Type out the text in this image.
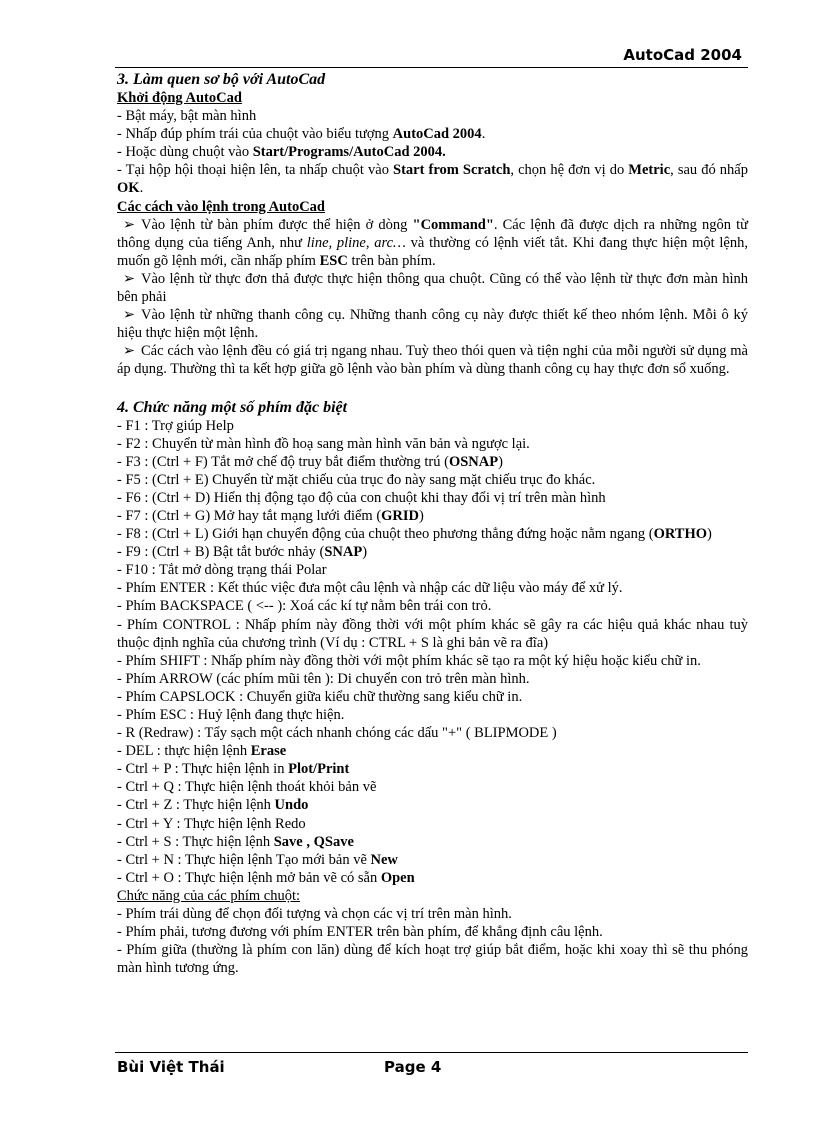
AutoCad 2004

3. Làm quen sơ bộ với AutoCad

Khởi động AutoCad

- Bật máy, bật màn hình

- Nhấp đúp phím trái của chuột vào biểu tượng AutoCad 2004.

- Hoặc dùng chuột vào Start/Programs/AutoCad 2004.

- Tại hộp hội thoại hiện lên, ta nhấp chuột vào Start from Scratch, chọn hệ đơn vị do Metric, sau đó nhấp OK.

Các cách vào lệnh trong AutoCad

➢ Vào lệnh từ bàn phím được thể hiện ở dòng "Command". Các lệnh đã được dịch ra những ngôn từ thông dụng của tiếng Anh, như line, pline, arc… và thường có lệnh viết tắt. Khi đang thực hiện một lệnh, muốn gõ lệnh mới, cần nhấp phím ESC trên bàn phím.

➢ Vào lệnh từ thực đơn thả được thực hiện thông qua chuột. Cũng có thể vào lệnh từ thực đơn màn hình bên phải

➢ Vào lệnh từ những thanh công cụ. Những thanh công cụ này được thiết kế theo nhóm lệnh. Mỗi ô ký hiệu thực hiện một lệnh.

➢ Các cách vào lệnh đều có giá trị ngang nhau. Tuỳ theo thói quen và tiện nghi của mỗi người sử dụng mà áp dụng. Thường thì ta kết hợp giữa gõ lệnh vào bàn phím và dùng thanh công cụ hay thực đơn sổ xuống.

4. Chức năng một số phím đặc biệt

- F1 : Trợ giúp Help

- F2 : Chuyển từ màn hình đồ hoạ sang màn hình văn bản và ngược lại.

- F3 : (Ctrl + F) Tắt mở chế độ truy bắt điểm thường trú (OSNAP)

- F5 : (Ctrl + E) Chuyển từ mặt chiếu của trục đo này sang mặt chiếu trục đo khác.

- F6 : (Ctrl + D) Hiển thị động tạo độ của con chuột khi thay đổi vị trí trên màn hình

- F7 : (Ctrl + G) Mở hay tắt mạng lưới điểm (GRID)

- F8 : (Ctrl + L) Giới hạn chuyển động của chuột theo phương thẳng đứng hoặc nằm ngang (ORTHO)

- F9 : (Ctrl + B) Bật tắt bước nhảy (SNAP)

- F10 : Tắt mở dòng trạng thái Polar

- Phím ENTER : Kết thúc việc đưa một câu lệnh và nhập các dữ liệu vào máy để xử lý.

- Phím BACKSPACE ( <-- ): Xoá các kí tự nằm bên trái con trỏ.

- Phím CONTROL : Nhấp phím này đồng thời với một phím khác sẽ gây ra các hiệu quả khác nhau tuỳ thuộc định nghĩa của chương trình (Ví dụ : CTRL + S là ghi bản vẽ ra đĩa)

- Phím SHIFT : Nhấp phím này đồng thời với một phím khác sẽ tạo ra một ký hiệu hoặc kiểu chữ in.

- Phím ARROW (các phím mũi tên ): Di chuyển con trỏ trên màn hình.

- Phím CAPSLOCK : Chuyển giữa kiểu chữ thường sang kiểu chữ in.

- Phím ESC : Huỷ lệnh đang thực hiện.

- R (Redraw) : Tẩy sạch một cách nhanh chóng các dấu "+" ( BLIPMODE )

- DEL : thực hiện lệnh Erase

- Ctrl + P : Thực hiện lệnh in Plot/Print

- Ctrl + Q : Thực hiện lệnh thoát khỏi bản vẽ

- Ctrl + Z : Thực hiện lệnh Undo

- Ctrl + Y : Thực hiện lệnh Redo

- Ctrl + S : Thực hiện lệnh Save , QSave

- Ctrl + N : Thực hiện lệnh Tạo mới bản vẽ New

- Ctrl + O : Thực hiện lệnh mở bản vẽ có sẵn Open

Chức năng của các phím chuột:

- Phím trái dùng để chọn đối tượng và chọn các vị trí trên màn hình.

- Phím phải, tương đương với phím ENTER trên bàn phím, để khẳng định câu lệnh.

- Phím giữa (thường là phím con lăn) dùng để kích hoạt trợ giúp bắt điểm, hoặc khi xoay thì sẽ thu phóng màn hình tương ứng.

Bùi Việt Thái	Page 4
